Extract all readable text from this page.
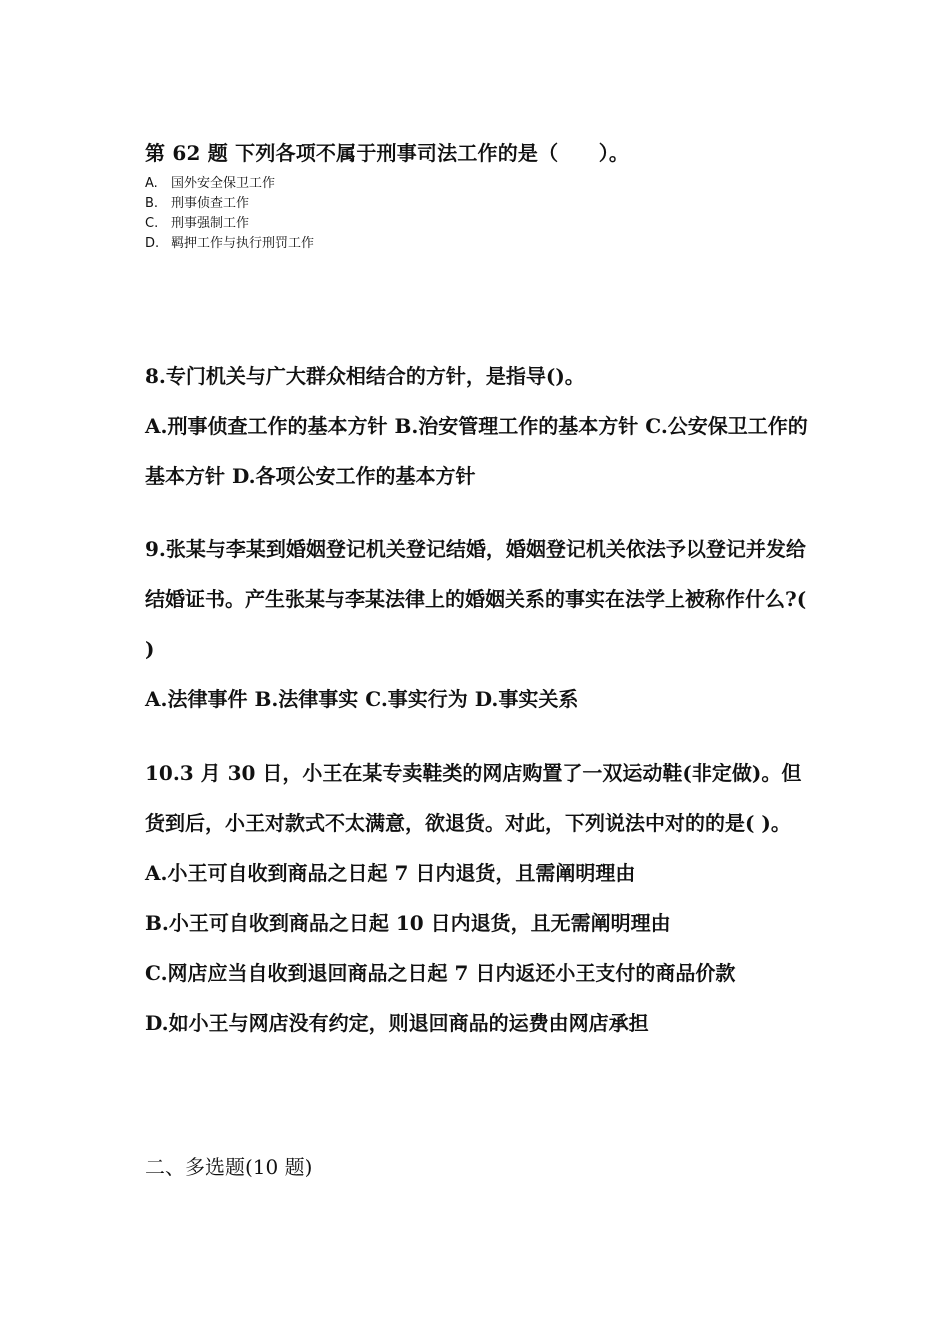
第 62 题 下列各项不属于刑事司法工作的是（　　）。
A. 国外安全保卫工作
B. 刑事侦查工作
C. 刑事强制工作
D. 羁押工作与执行刑罚工作

8.专门机关与广大群众相结合的方针，是指导()。

A.刑事侦查工作的基本方针 B.治安管理工作的基本方针 C.公安保卫工作的基本方针 D.各项公安工作的基本方针

9.张某与李某到婚姻登记机关登记结婚，婚姻登记机关依法予以登记并发给结婚证书。产生张某与李某法律上的婚姻关系的事实在法学上被称作什么?( )

A.法律事件 B.法律事实 C.事实行为 D.事实关系

10.3 月 30 日，小王在某专卖鞋类的网店购置了一双运动鞋(非定做)。但货到后，小王对款式不太满意，欲退货。对此，下列说法中对的的是( )。

A.小王可自收到商品之日起 7 日内退货，且需阐明理由

B.小王可自收到商品之日起 10 日内退货，且无需阐明理由

C.网店应当自收到退回商品之日起 7 日内返还小王支付的商品价款

D.如小王与网店没有约定，则退回商品的运费由网店承担

二、多选题(10 题)
